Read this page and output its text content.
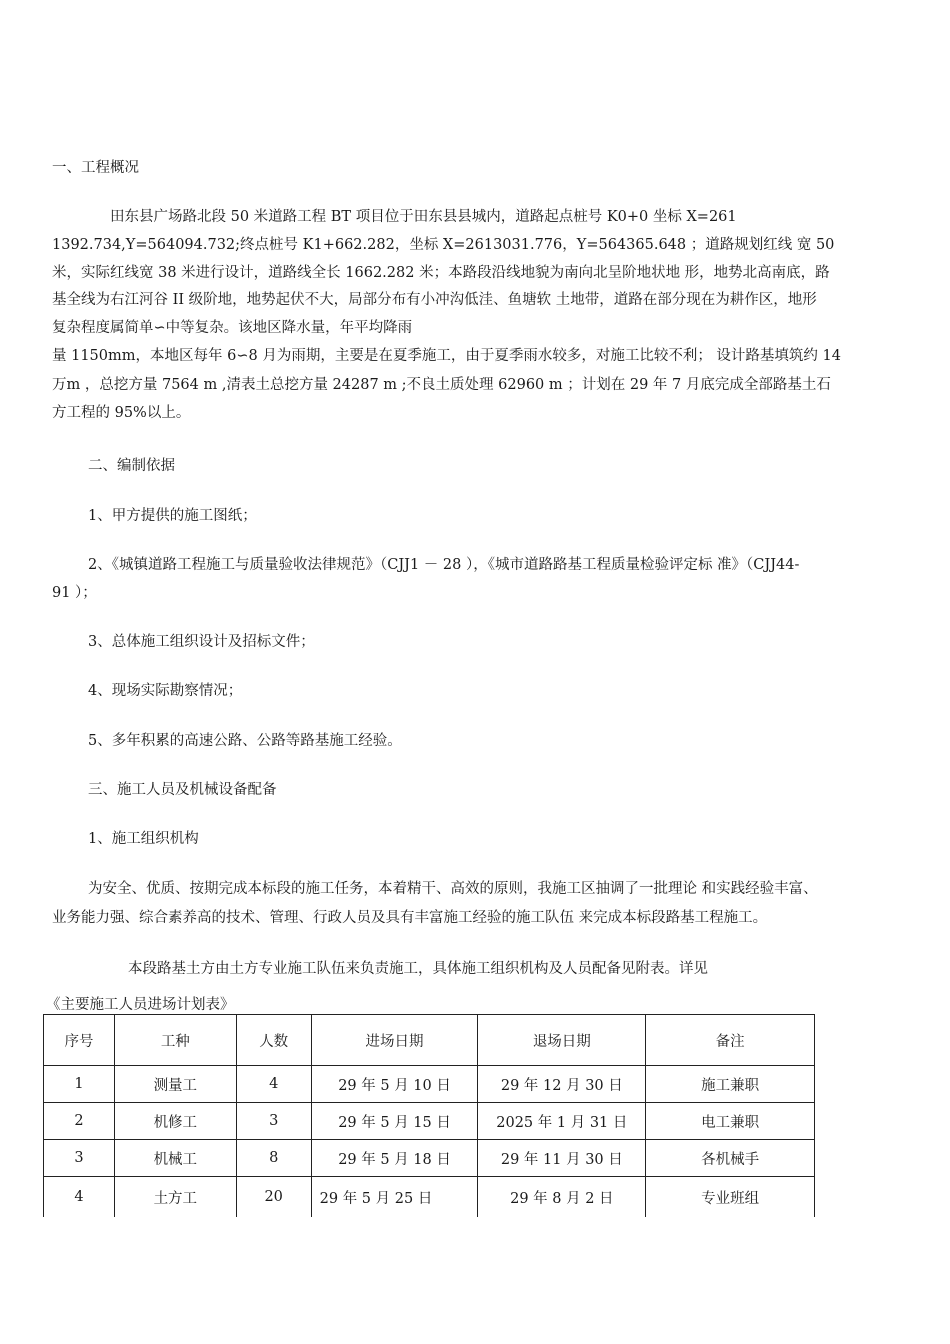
一、工程概况
田东县广场路北段 50 米道路工程 BT 项目位于田东县县城内，道路起点桩号 K0+0 坐标 X=261
1392.734,Y=564094.732;终点桩号 K1+662.282，坐标 X=2613031.776，Y=564365.648 ；道路规划红线 宽 50
米，实际红线宽 38 米进行设计，道路线全长 1662.282 米；本路段沿线地貌为南向北呈阶地状地 形，地势北高南底，路
基全线为右江河谷 II 级阶地，地势起伏不大，局部分布有小冲沟低洼、鱼塘软 土地带，道路在部分现在为耕作区，地形
复杂程度属简单∽中等复杂。该地区降水量，年平均降雨
量 1150mm，本地区每年 6∽8 月为雨期，主要是在夏季施工，由于夏季雨水较多，对施工比较不利； 设计路基填筑约 14
万m ，总挖方量 7564 m ,清表土总挖方量 24287 m ;不良土质处理 62960 m ；计划在 29 年 7 月底完成全部路基土石
方工程的 95%以上。
二、编制依据
1、甲方提供的施工图纸；
2、《城镇道路工程施工与质量验收法律规范》（CJJ1 － 28 ），《城市道路路基工程质量检验评定标 准》（CJJ44-
91 ）；
3、总体施工组织设计及招标文件；
4、现场实际勘察情况；
5、多年积累的高速公路、公路等路基施工经验。
三、施工人员及机械设备配备
1、施工组织机构
为安全、优质、按期完成本标段的施工任务，本着精干、高效的原则，我施工区抽调了一批理论 和实践经验丰富、
业务能力强、综合素养高的技术、管理、行政人员及具有丰富施工经验的施工队伍 来完成本标段路基工程施工。
本段路基土方由土方专业施工队伍来负责施工，具体施工组织机构及人员配备见附表。详见
《主要施工人员进场计划表》
序号	工种	人数	进场日期	退场日期	备注
1	测量工	4	29 年 5 月 10 日	29 年 12 月 30 日	施工兼职
2	机修工	3	29 年 5 月 15 日	2025 年 1 月 31 日	电工兼职
3	机械工	8	29 年 5 月 18 日	29 年 11 月 30 日	各机械手
4	土方工	20	29 年 5 月 25 日	29 年 8 月 2 日	专业班组
